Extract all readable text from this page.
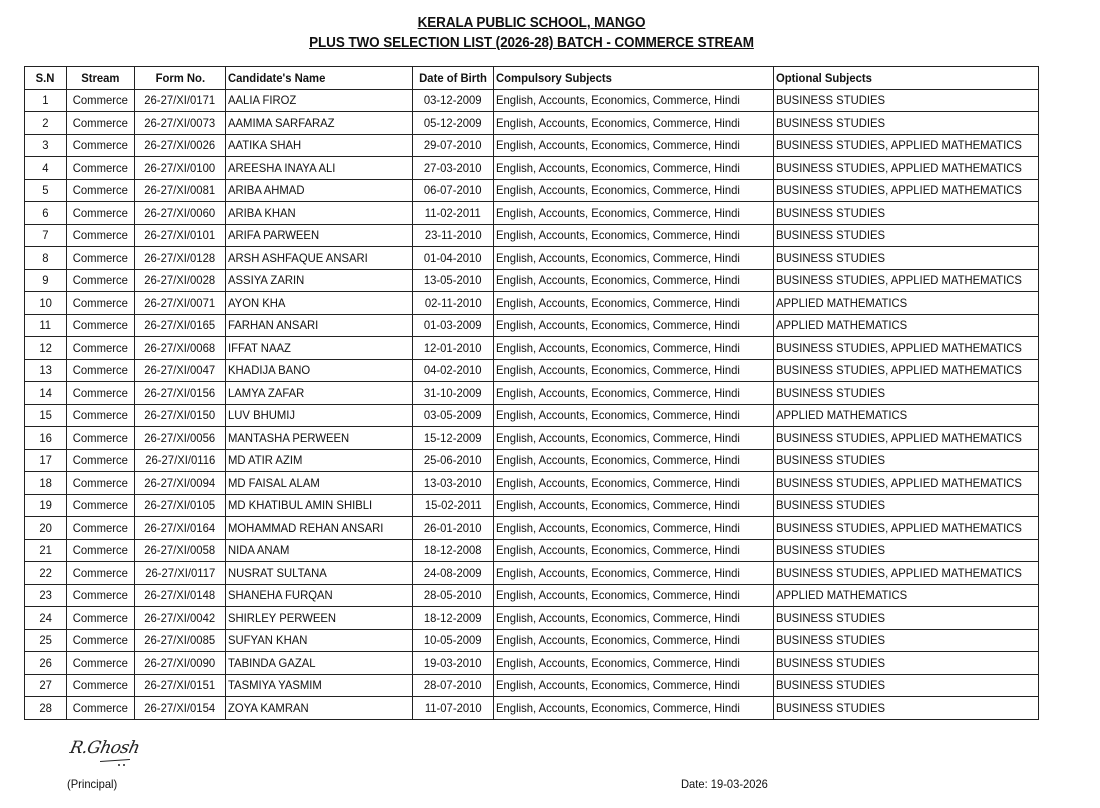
KERALA PUBLIC SCHOOL, MANGO
PLUS TWO SELECTION LIST (2026-28) BATCH - COMMERCE STREAM
S.N	Stream	Form No.	Candidate's Name	Date of Birth	Compulsory Subjects	Optional Subjects
1	Commerce	26-27/XI/0171	AALIA FIROZ	03-12-2009	English, Accounts, Economics, Commerce, Hindi	BUSINESS STUDIES
2	Commerce	26-27/XI/0073	AAMIMA SARFARAZ	05-12-2009	English, Accounts, Economics, Commerce, Hindi	BUSINESS STUDIES
3	Commerce	26-27/XI/0026	AATIKA SHAH	29-07-2010	English, Accounts, Economics, Commerce, Hindi	BUSINESS STUDIES, APPLIED MATHEMATICS
4	Commerce	26-27/XI/0100	AREESHA INAYA ALI	27-03-2010	English, Accounts, Economics, Commerce, Hindi	BUSINESS STUDIES, APPLIED MATHEMATICS
5	Commerce	26-27/XI/0081	ARIBA AHMAD	06-07-2010	English, Accounts, Economics, Commerce, Hindi	BUSINESS STUDIES, APPLIED MATHEMATICS
6	Commerce	26-27/XI/0060	ARIBA KHAN	11-02-2011	English, Accounts, Economics, Commerce, Hindi	BUSINESS STUDIES
7	Commerce	26-27/XI/0101	ARIFA PARWEEN	23-11-2010	English, Accounts, Economics, Commerce, Hindi	BUSINESS STUDIES
8	Commerce	26-27/XI/0128	ARSH ASHFAQUE ANSARI	01-04-2010	English, Accounts, Economics, Commerce, Hindi	BUSINESS STUDIES
9	Commerce	26-27/XI/0028	ASSIYA ZARIN	13-05-2010	English, Accounts, Economics, Commerce, Hindi	BUSINESS STUDIES, APPLIED MATHEMATICS
10	Commerce	26-27/XI/0071	AYON KHA	02-11-2010	English, Accounts, Economics, Commerce, Hindi	APPLIED MATHEMATICS
11	Commerce	26-27/XI/0165	FARHAN ANSARI	01-03-2009	English, Accounts, Economics, Commerce, Hindi	APPLIED MATHEMATICS
12	Commerce	26-27/XI/0068	IFFAT NAAZ	12-01-2010	English, Accounts, Economics, Commerce, Hindi	BUSINESS STUDIES, APPLIED MATHEMATICS
13	Commerce	26-27/XI/0047	KHADIJA BANO	04-02-2010	English, Accounts, Economics, Commerce, Hindi	BUSINESS STUDIES, APPLIED MATHEMATICS
14	Commerce	26-27/XI/0156	LAMYA ZAFAR	31-10-2009	English, Accounts, Economics, Commerce, Hindi	BUSINESS STUDIES
15	Commerce	26-27/XI/0150	LUV BHUMIJ	03-05-2009	English, Accounts, Economics, Commerce, Hindi	APPLIED MATHEMATICS
16	Commerce	26-27/XI/0056	MANTASHA PERWEEN	15-12-2009	English, Accounts, Economics, Commerce, Hindi	BUSINESS STUDIES, APPLIED MATHEMATICS
17	Commerce	26-27/XI/0116	MD ATIR AZIM	25-06-2010	English, Accounts, Economics, Commerce, Hindi	BUSINESS STUDIES
18	Commerce	26-27/XI/0094	MD FAISAL ALAM	13-03-2010	English, Accounts, Economics, Commerce, Hindi	BUSINESS STUDIES, APPLIED MATHEMATICS
19	Commerce	26-27/XI/0105	MD KHATIBUL AMIN SHIBLI	15-02-2011	English, Accounts, Economics, Commerce, Hindi	BUSINESS STUDIES
20	Commerce	26-27/XI/0164	MOHAMMAD REHAN ANSARI	26-01-2010	English, Accounts, Economics, Commerce, Hindi	BUSINESS STUDIES, APPLIED MATHEMATICS
21	Commerce	26-27/XI/0058	NIDA ANAM	18-12-2008	English, Accounts, Economics, Commerce, Hindi	BUSINESS STUDIES
22	Commerce	26-27/XI/0117	NUSRAT SULTANA	24-08-2009	English, Accounts, Economics, Commerce, Hindi	BUSINESS STUDIES, APPLIED MATHEMATICS
23	Commerce	26-27/XI/0148	SHANEHA FURQAN	28-05-2010	English, Accounts, Economics, Commerce, Hindi	APPLIED MATHEMATICS
24	Commerce	26-27/XI/0042	SHIRLEY PERWEEN	18-12-2009	English, Accounts, Economics, Commerce, Hindi	BUSINESS STUDIES
25	Commerce	26-27/XI/0085	SUFYAN KHAN	10-05-2009	English, Accounts, Economics, Commerce, Hindi	BUSINESS STUDIES
26	Commerce	26-27/XI/0090	TABINDA GAZAL	19-03-2010	English, Accounts, Economics, Commerce, Hindi	BUSINESS STUDIES
27	Commerce	26-27/XI/0151	TASMIYA YASMIM	28-07-2010	English, Accounts, Economics, Commerce, Hindi	BUSINESS STUDIES
28	Commerce	26-27/XI/0154	ZOYA KAMRAN	11-07-2010	English, Accounts, Economics, Commerce, Hindi	BUSINESS STUDIES
R.Ghosh
(Principal)	Date: 19-03-2026
